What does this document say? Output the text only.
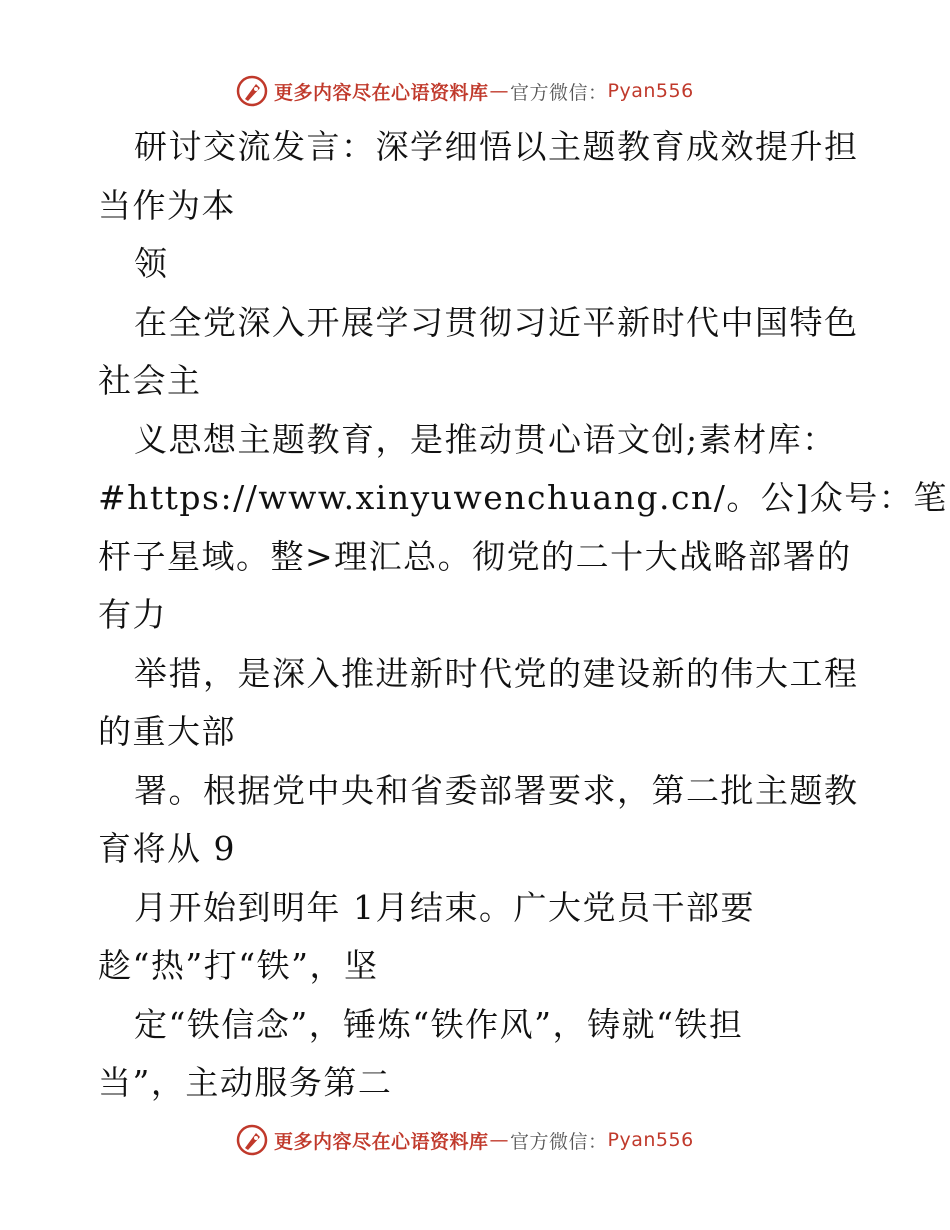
更多内容尽在心语资料库 — 官方微信： Pyan556
研讨交流发言：深学细悟以主题教育成效提升担
当作为本
领
在全党深入开展学习贯彻习近平新时代中国特色
社会主
义思想主题教育，是推动贯心语文创;素材库：
#https://www.xinyuwenchuang.cn/。公]众号：笔
杆子星域。整>理汇总。彻党的二十大战略部署的
有力
举措，是深入推进新时代党的建设新的伟大工程
的重大部
署。根据党中央和省委部署要求，第二批主题教
育将从 9
月开始到明年 1月结束。广大党员干部要
趁“热”打“铁”，坚
定“铁信念”，锤炼“铁作风”，铸就“铁担
当”，主动服务第二
更多内容尽在心语资料库 — 官方微信： Pyan556
